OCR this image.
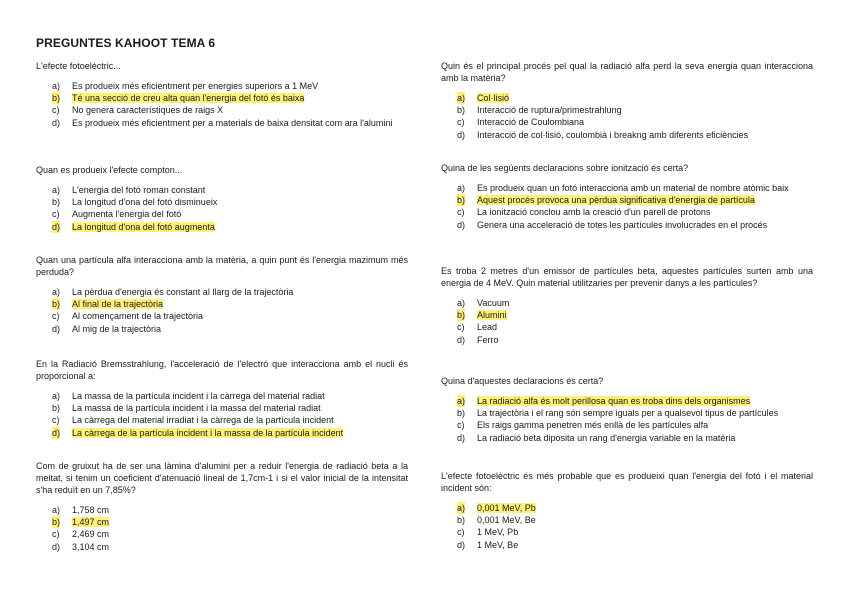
PREGUNTES KAHOOT TEMA 6

L'efecte fotoeléctric...

a) Es produeix més eficientment per energies superiors a 1 MeV
b) Té una secció de creu alta quan l'energia del fotó és baixa
c) No genera característiques de raigs X
d) Es produeix més eficientment per a materials de baixa densitat com ara l'alumini

Quan es produeix l'efecte compton...

a) L'energia del fotó roman constant
b) La longitud d'ona del fotó disminueix
c) Augmenta l'energia del fotó
d) La longitud d'ona del fotó augmenta

Quan una partícula alfa interacciona amb la matèria, a quin punt és l'energia mazimum més perduda?

a) La pèrdua d'energia és constant al llarg de la trajectòria
b) Al final de la trajectòria
c) Al començament de la trajectòria
d) Al mig de la trajectòria

En la Radiació Bremsstrahlung, l'acceleració de l'electró que interacciona amb el nucli és proporcional a:

a) La massa de la partícula incident i la càrrega del material radiat
b) La massa de la partícula incident i la massa del material radiat
c) La càrrega del material irradiat i la càrrega de la partícula incident
d) La càrrega de la partícula incident i la massa de la partícula incident

Com de gruixut ha de ser una làmina d'alumini per a reduir l'energia de radiació beta a la meitat, si tenim un coeficient d'atenuació lineal de 1,7cm-1 i si el valor inicial de la intensitat s'ha reduït en un 7,85%?

a) 1,758 cm
b) 1,497 cm
c) 2,469 cm
d) 3,104 cm

Quin és el principal procés pel qual la radiació alfa perd la seva energia quan interacciona amb la matèria?

a) Col·lisió
b) Interacció de ruptura/primestrahlung
c) Interacció de Coulombiana
d) Interacció de col·lisió, coulombià i breakng amb diferents eficiències

Quina de les següents declaracions sobre ionització és certa?

a) Es produeix quan un fotó interacciona amb un material de nombre atòmic baix
b) Aquest procés provoca una pèrdua significativa d'energia de partícula
c) La ionització conclou amb la creació d'un parell de protons
d) Genera una acceleració de totes les partícules involucrades en el procés

Es troba 2 metres d'un emissor de partícules beta, aquestes partícules surten amb una energia de 4 MeV. Quin material utilitzaries per prevenir danys a les partícules?

a) Vacuum
b) Alumini
c) Lead
d) Ferro

Quina d'aquestes declaracions és certa?

a) La radiació alfa és molt perillosa quan es troba dins dels organismes
b) La trajectòria i el rang són sempre iguals per a qualsevol tipus de partícules
c) Els raigs gamma penetren més enllà de les partícules alfa
d) La radiació beta diposita un rang d'energia variable en la matèria

L'efecte fotoelèctric és més probable que es produeixi quan l'energia del fotó i el material incident són:

a) 0,001 MeV, Pb
b) 0,001 MeV, Be
c) 1 MeV, Pb
d) 1 MeV, Be
